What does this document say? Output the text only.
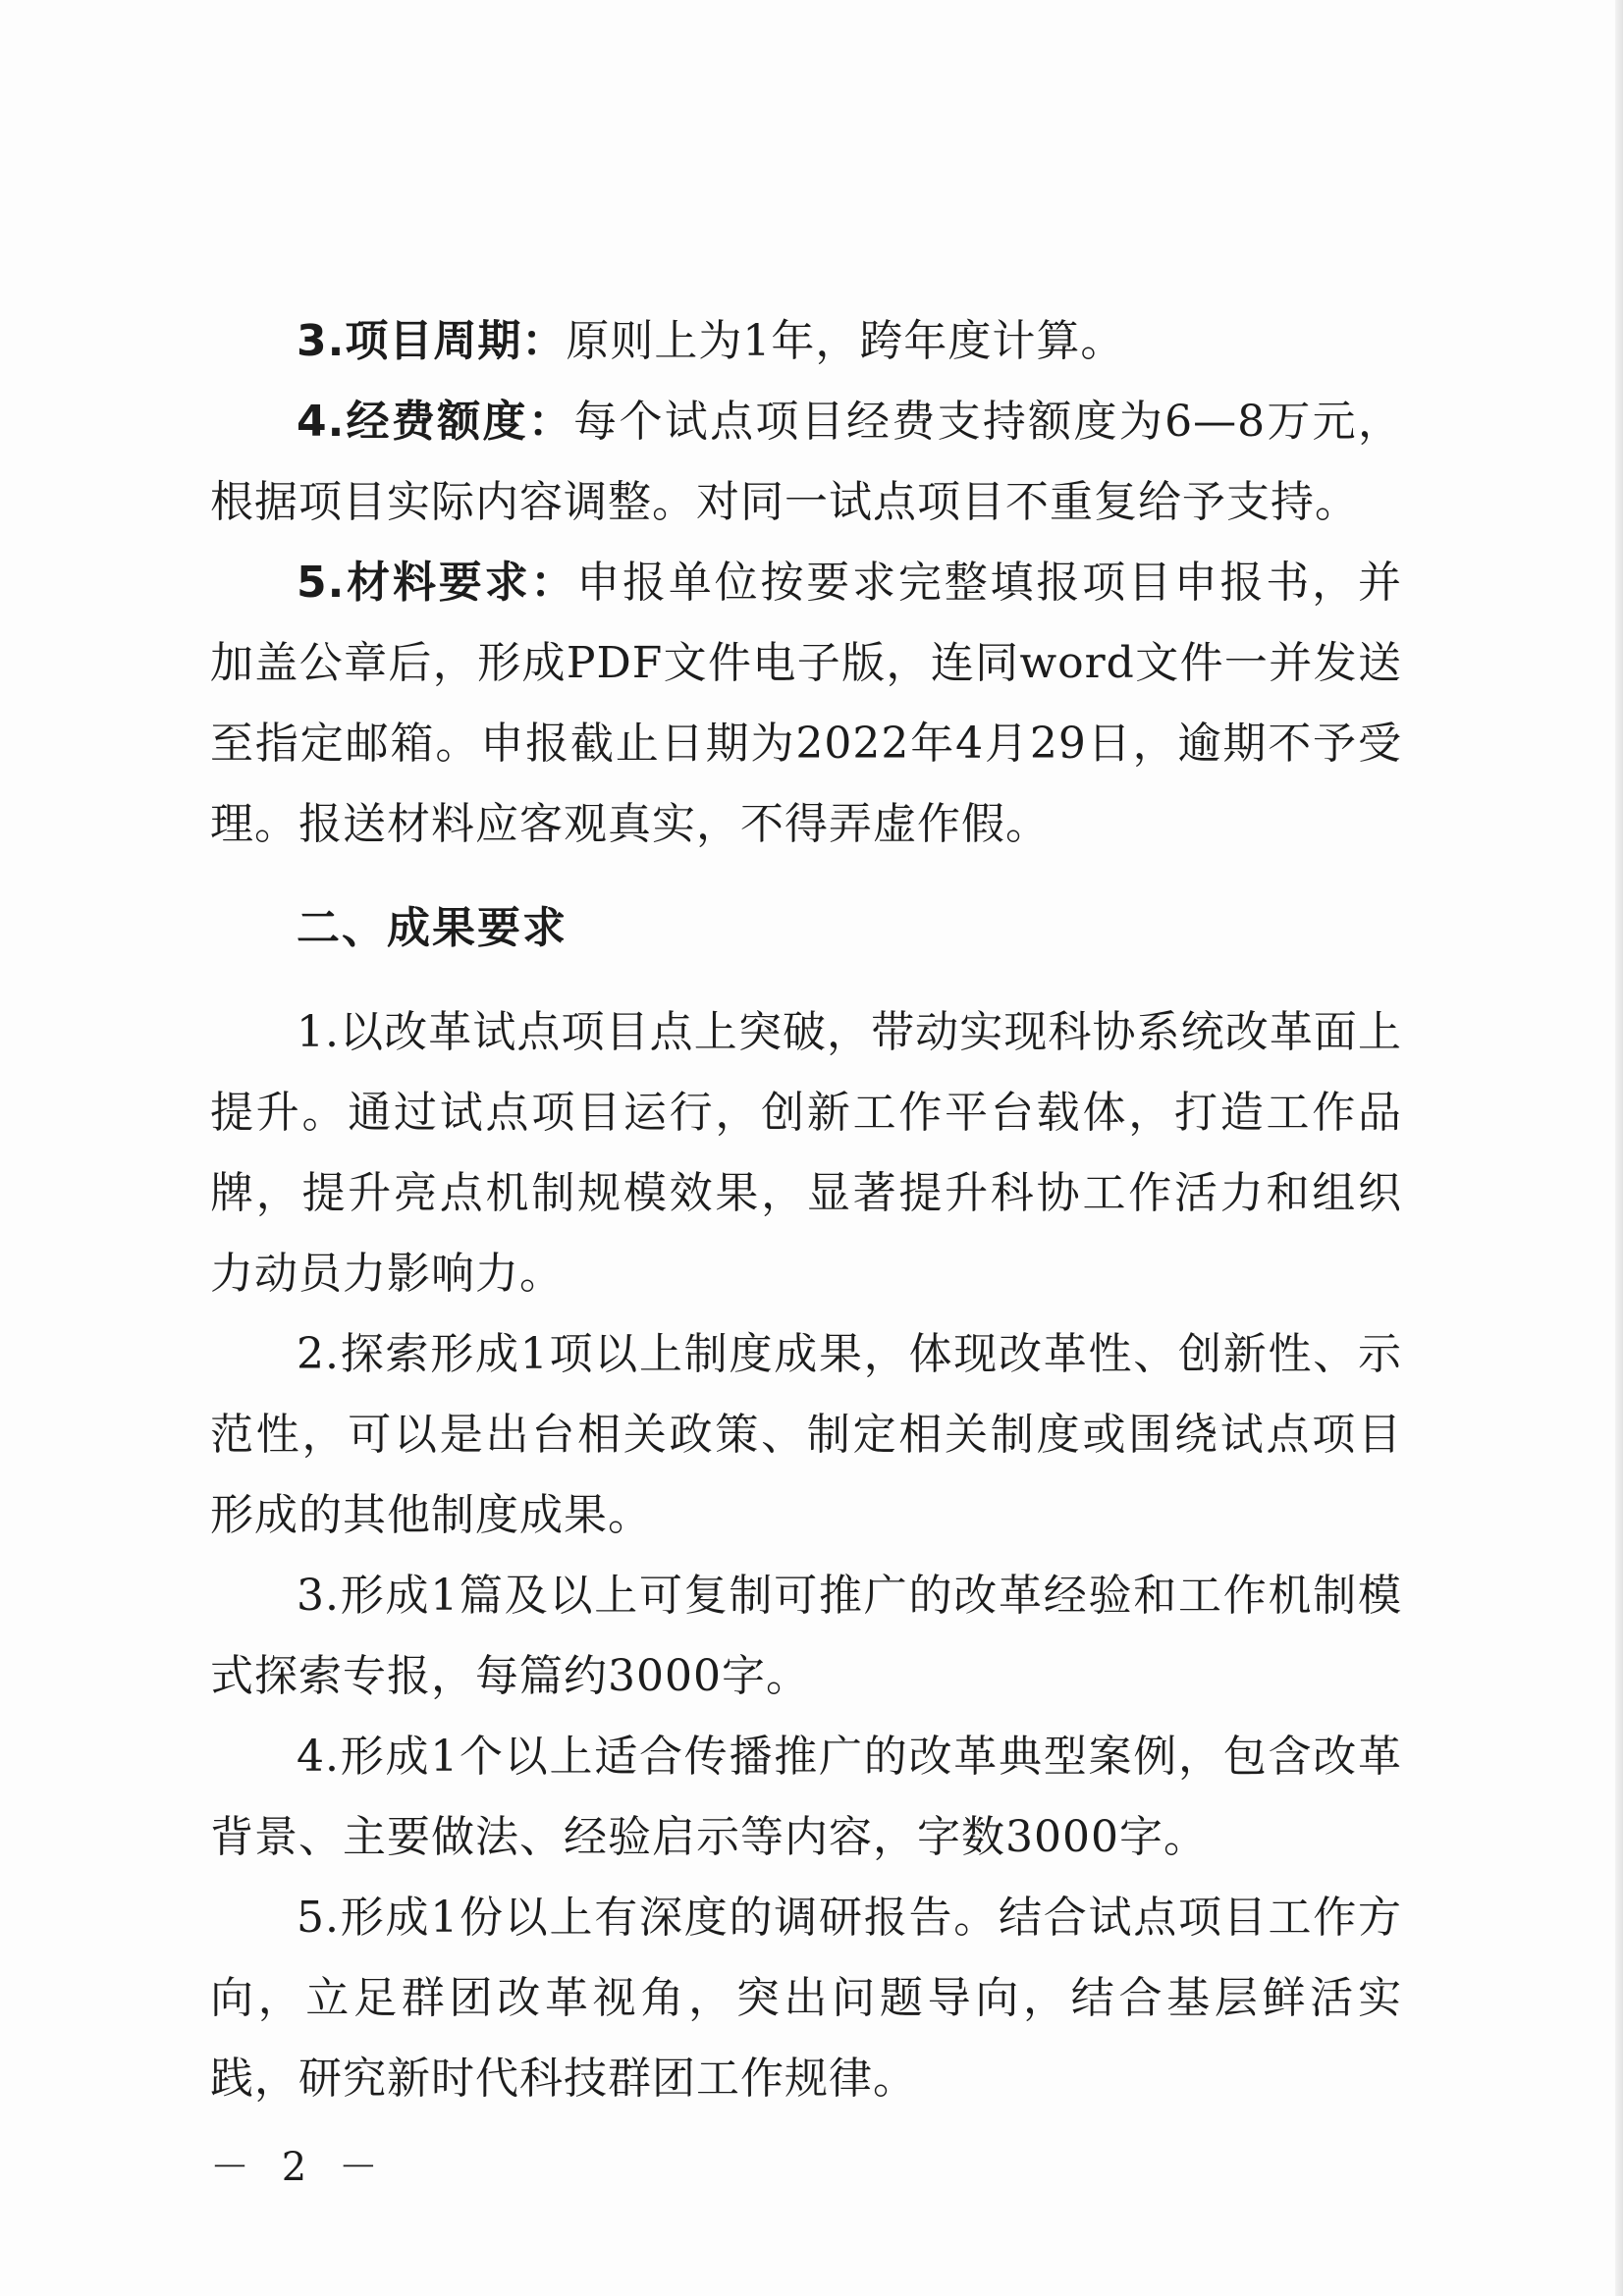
3.项目周期：原则上为1年，跨年度计算。

4.经费额度：每个试点项目经费支持额度为6—8万元，根据项目实际内容调整。对同一试点项目不重复给予支持。

5.材料要求：申报单位按要求完整填报项目申报书，并加盖公章后，形成PDF文件电子版，连同word文件一并发送至指定邮箱。申报截止日期为2022年4月29日，逾期不予受理。报送材料应客观真实，不得弄虚作假。

二、成果要求

1.以改革试点项目点上突破，带动实现科协系统改革面上提升。通过试点项目运行，创新工作平台载体，打造工作品牌，提升亮点机制规模效果，显著提升科协工作活力和组织力动员力影响力。

2.探索形成1项以上制度成果，体现改革性、创新性、示范性，可以是出台相关政策、制定相关制度或围绕试点项目形成的其他制度成果。

3.形成1篇及以上可复制可推广的改革经验和工作机制模式探索专报，每篇约3000字。

4.形成1个以上适合传播推广的改革典型案例，包含改革背景、主要做法、经验启示等内容，字数3000字。

5.形成1份以上有深度的调研报告。结合试点项目工作方向，立足群团改革视角，突出问题导向，结合基层鲜活实践，研究新时代科技群团工作规律。

－ 2 －
